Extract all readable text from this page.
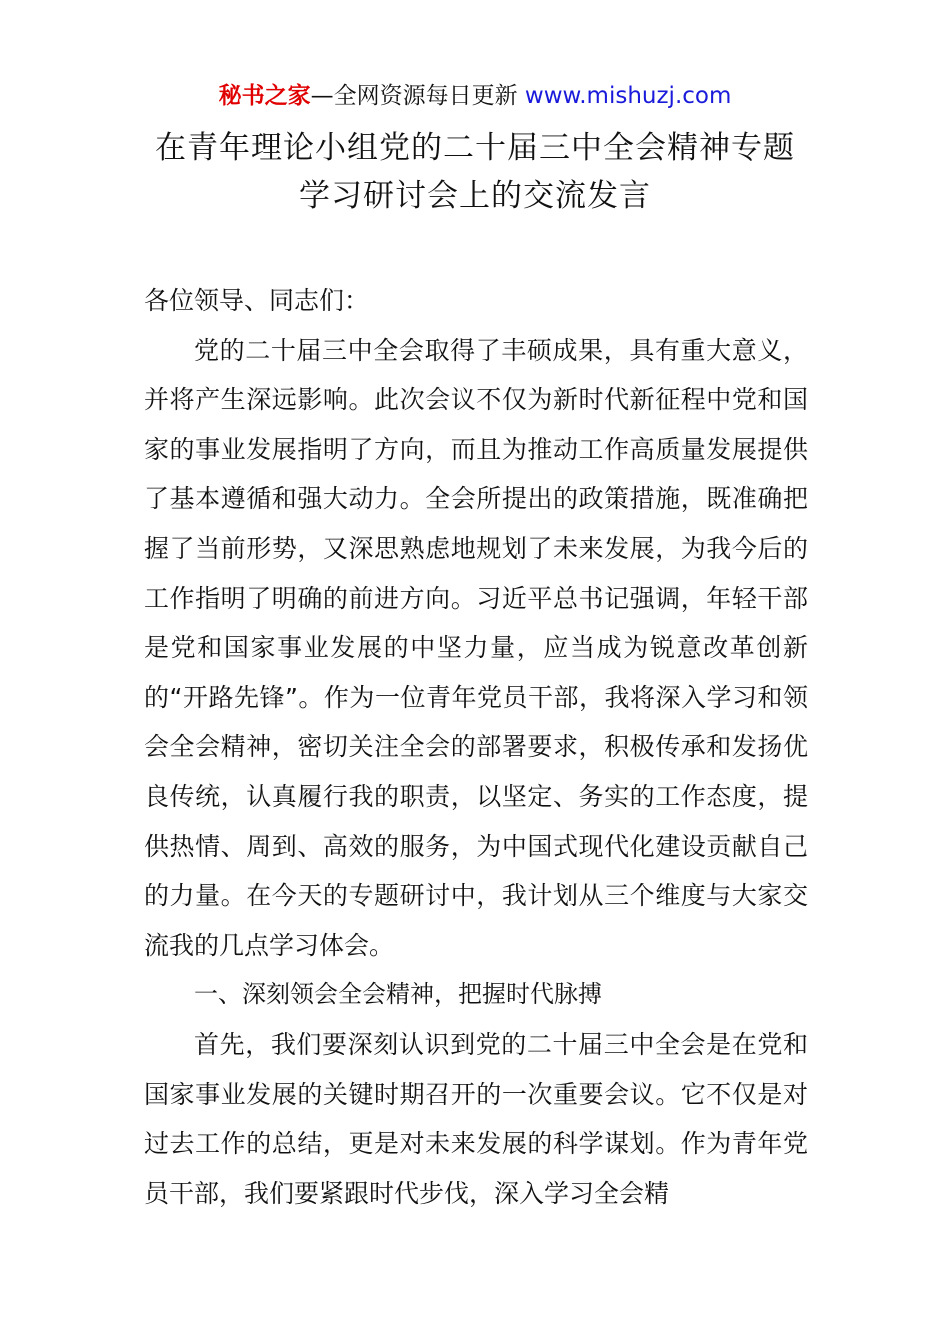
秘书之家—全网资源每日更新 www.mishuzj.com
在青年理论小组党的二十届三中全会精神专题
学习研讨会上的交流发言

各位领导、同志们：

党的二十届三中全会取得了丰硕成果，具有重大意义，并将产生深远影响。此次会议不仅为新时代新征程中党和国家的事业发展指明了方向，而且为推动工作高质量发展提供了基本遵循和强大动力。全会所提出的政策措施，既准确把握了当前形势，又深思熟虑地规划了未来发展，为我今后的工作指明了明确的前进方向。习近平总书记强调，年轻干部是党和国家事业发展的中坚力量，应当成为锐意改革创新的“开路先锋”。作为一位青年党员干部，我将深入学习和领会全会精神，密切关注全会的部署要求，积极传承和发扬优良传统，认真履行我的职责，以坚定、务实的工作态度，提供热情、周到、高效的服务，为中国式现代化建设贡献自己的力量。在今天的专题研讨中，我计划从三个维度与大家交流我的几点学习体会。

一、深刻领会全会精神，把握时代脉搏

首先，我们要深刻认识到党的二十届三中全会是在党和国家事业发展的关键时期召开的一次重要会议。它不仅是对过去工作的总结，更是对未来发展的科学谋划。作为青年党员干部，我们要紧跟时代步伐，深入学习全会精
